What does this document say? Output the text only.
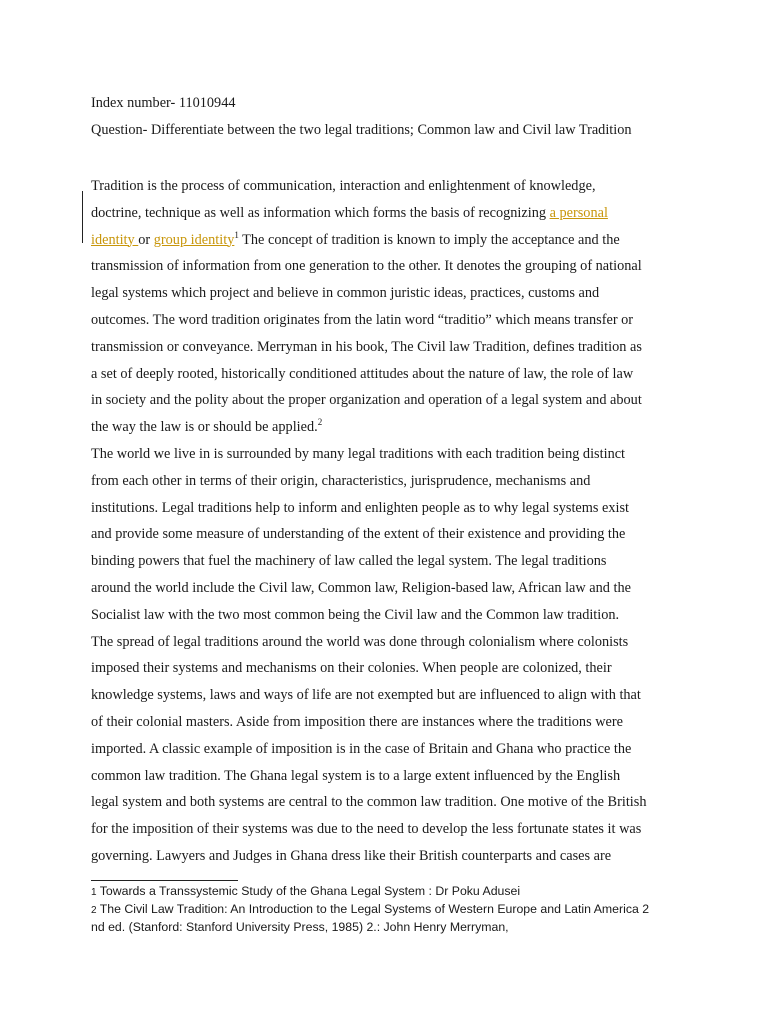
Index number- 11010944
Question- Differentiate between the two legal traditions; Common law and Civil law Tradition

Tradition is the process of communication, interaction and enlightenment of knowledge,
doctrine, technique as well as information which forms the basis of recognizing a personal
identity or group identity$^1$ The concept of tradition is known to imply the acceptance and the
transmission of information from one generation to the other. It denotes the grouping of national
legal systems which project and believe in common juristic ideas, practices, customs and
outcomes. The word tradition originates from the latin word “traditio” which means transfer or
transmission or conveyance. Merryman in his book, The Civil law Tradition, defines tradition as
a set of deeply rooted, historically conditioned attitudes about the nature of law, the role of law
in society and the polity about the proper organization and operation of a legal system and about
the way the law is or should be applied.$^2$

The world we live in is surrounded by many legal traditions with each tradition being distinct
from each other in terms of their origin, characteristics, jurisprudence, mechanisms and
institutions. Legal traditions help to inform and enlighten people as to why legal systems exist
and provide some measure of understanding of the extent of their existence and providing the
binding powers that fuel the machinery of law called the legal system. The legal traditions
around the world include the Civil law, Common law, Religion-based law, African law and the
Socialist law with the two most common being the Civil law and the Common law tradition.

The spread of legal traditions around the world was done through colonialism where colonists
imposed their systems and mechanisms on their colonies. When people are colonized, their
knowledge systems, laws and ways of life are not exempted but are influenced to align with that
of their colonial masters. Aside from imposition there are instances where the traditions were
imported. A classic example of imposition is in the case of Britain and Ghana who practice the
common law tradition. The Ghana legal system is to a large extent influenced by the English
legal system and both systems are central to the common law tradition. One motive of the British
for the imposition of their systems was due to the need to develop the less fortunate states it was
governing. Lawyers and Judges in Ghana dress like their British counterparts and cases are

1 Towards a Transsystemic Study of the Ghana Legal System : Dr Poku Adusei
2 The Civil Law Tradition: An Introduction to the Legal Systems of Western Europe and Latin America 2
nd ed. (Stanford: Stanford University Press, 1985) 2.: John Henry Merryman,
